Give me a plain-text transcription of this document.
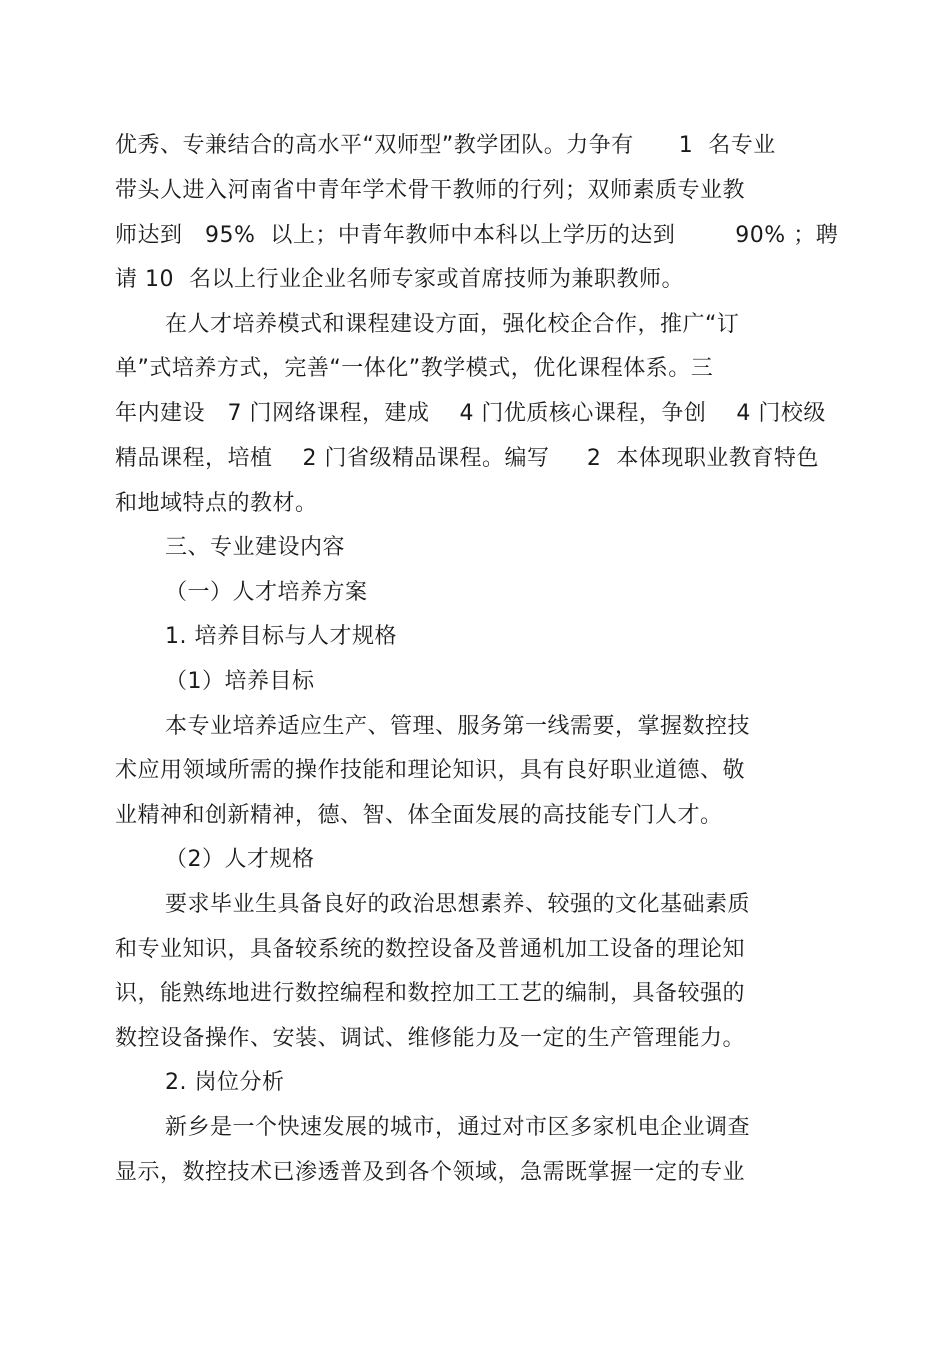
优秀、专兼结合的高水平“双师型”教学团队。力争有      1  名专业
带头人进入河南省中青年学术骨干教师的行列；双师素质专业教
师达到   95%  以上；中青年教师中本科以上学历的达到        90% ；聘
请 10  名以上行业企业名师专家或首席技师为兼职教师。
在人才培养模式和课程建设方面，强化校企合作，推广“订
单”式培养方式，完善“一体化”教学模式，优化课程体系。三
年内建设   7 门网络课程，建成    4 门优质核心课程，争创    4 门校级
精品课程，培植    2 门省级精品课程。编写     2  本体现职业教育特色
和地域特点的教材。
三、专业建设内容
（一）人才培养方案
1. 培养目标与人才规格
（1）培养目标
本专业培养适应生产、管理、服务第一线需要，掌握数控技
术应用领域所需的操作技能和理论知识，具有良好职业道德、敬
业精神和创新精神，德、智、体全面发展的高技能专门人才。
（2）人才规格
要求毕业生具备良好的政治思想素养、较强的文化基础素质
和专业知识，具备较系统的数控设备及普通机加工设备的理论知
识，能熟练地进行数控编程和数控加工工艺的编制，具备较强的
数控设备操作、安装、调试、维修能力及一定的生产管理能力。
2. 岗位分析
新乡是一个快速发展的城市，通过对市区多家机电企业调查
显示，数控技术已渗透普及到各个领域，急需既掌握一定的专业
